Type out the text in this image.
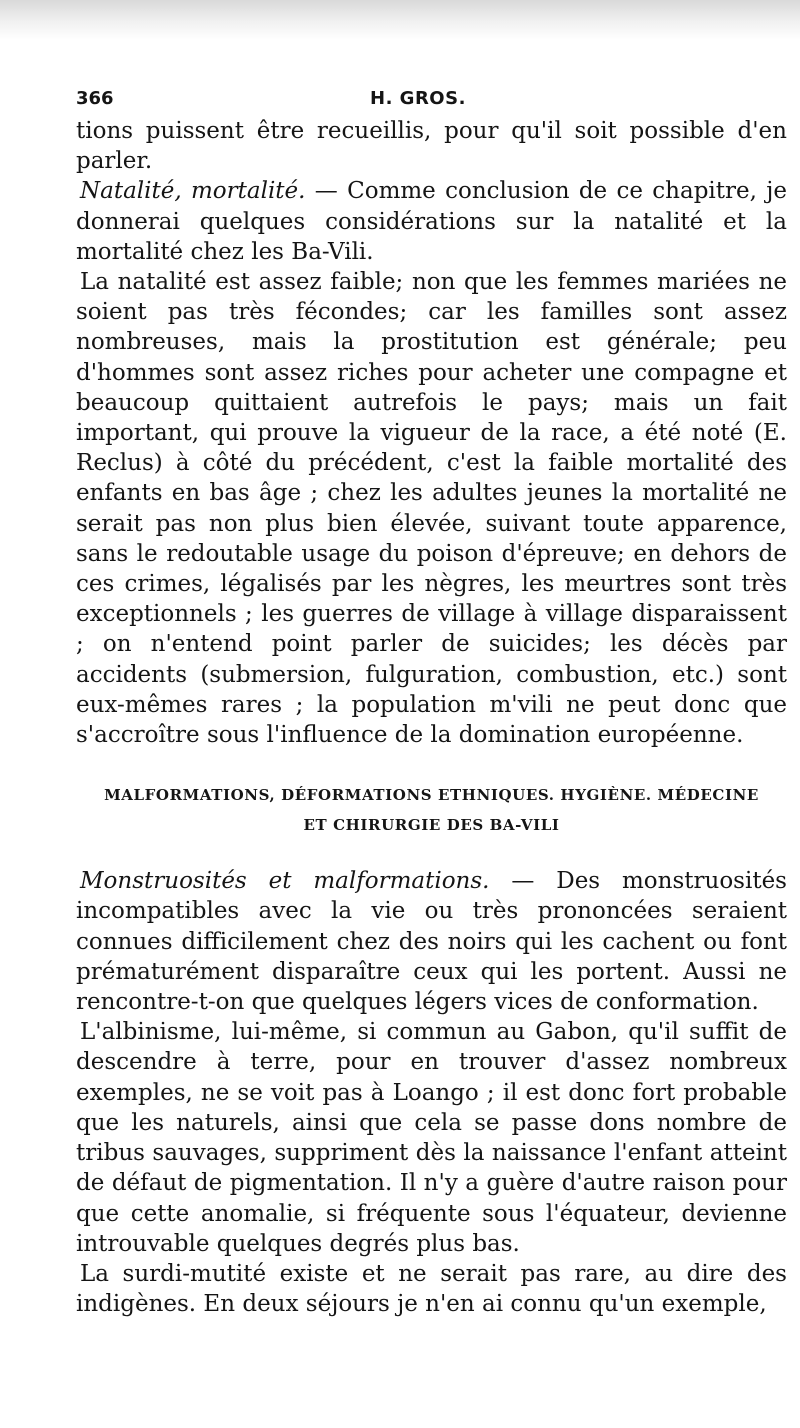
366	H. GROS.

tions puissent être recueillis, pour qu'il soit possible d'en parler.

Natalité, mortalité. — Comme conclusion de ce chapitre, je donnerai quelques considérations sur la natalité et la mortalité chez les Ba-Vili.

La natalité est assez faible; non que les femmes mariées ne soient pas très fécondes; car les familles sont assez nombreuses, mais la prostitution est générale; peu d'hommes sont assez riches pour acheter une compagne et beaucoup quittaient autrefois le pays; mais un fait important, qui prouve la vigueur de la race, a été noté (E. Reclus) à côté du précédent, c'est la faible mortalité des enfants en bas âge ; chez les adultes jeunes la mortalité ne serait pas non plus bien élevée, suivant toute apparence, sans le redoutable usage du poison d'épreuve; en dehors de ces crimes, légalisés par les nègres, les meurtres sont très exceptionnels ; les guerres de village à village disparaissent ; on n'entend point parler de suicides; les décès par accidents (submersion, fulguration, combustion, etc.) sont eux-mêmes rares ; la population m'vili ne peut donc que s'accroître sous l'influence de la domination européenne.

MALFORMATIONS, DÉFORMATIONS ETHNIQUES. HYGIÈNE. MÉDECINE
ET CHIRURGIE DES BA-VILI

Monstruosités et malformations. — Des monstruosités incompatibles avec la vie ou très prononcées seraient connues difficilement chez des noirs qui les cachent ou font prématurément disparaître ceux qui les portent. Aussi ne rencontre-t-on que quelques légers vices de conformation.

L'albinisme, lui-même, si commun au Gabon, qu'il suffit de descendre à terre, pour en trouver d'assez nombreux exemples, ne se voit pas à Loango ; il est donc fort probable que les naturels, ainsi que cela se passe dons nombre de tribus sauvages, suppriment dès la naissance l'enfant atteint de défaut de pigmentation. Il n'y a guère d'autre raison pour que cette anomalie, si fréquente sous l'équateur, devienne introuvable quelques degrés plus bas.

La surdi-mutité existe et ne serait pas rare, au dire des indigènes. En deux séjours je n'en ai connu qu'un exemple,
